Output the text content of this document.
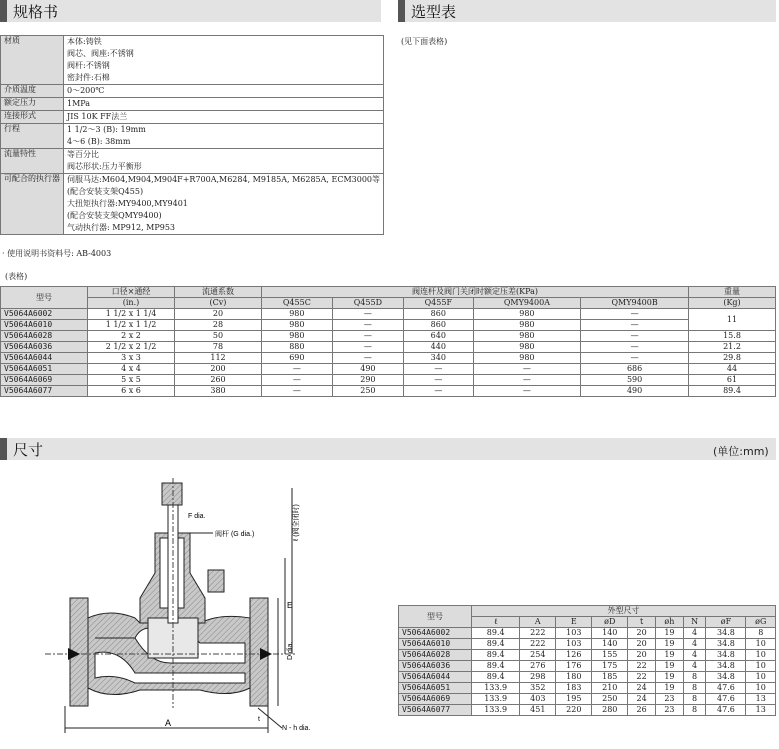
规格书	选型表
(见下面表格)
材质	本体:铸铁
阀芯、阀座:不锈钢
阀杆:不锈钢
密封件:石棉

介质温度	0～200℃

额定压力	1MPa

连接形式	JIS 10K FF法兰

行程	1 1/2～3 (B): 19mm
4～6 (B): 38mm

流量特性	等百分比
阀芯形状:压力平衡形

可配合的执行器	伺服马达:M604,M904,M904F+R700A,M6284, M9185A, M6285A, ECM3000等
(配合安装支架Q455)
大扭矩执行器:MY9400,MY9401
(配合安装支架QMY9400)
气动执行器: MP912, MP953
· 使用说明书资料号: AB-4003
(表格)
型号	口径×通经	流通系数	阀连杆及阀门关闭时额定压差(KPa)					重量
	(in.)	(Cv)	Q455C	Q455D	Q455F	QMY9400A	QMY9400B	(Kg)
V5064A6002	1 1/2 x 1 1/4	20	980	—	860	980	—	11
V5064A6010	1 1/2 x 1 1/2	28	980	—	860	980	—	
V5064A6028	2 x 2	50	980	—	640	980	—	15.8
V5064A6036	2 1/2 x 2 1/2	78	880	—	440	980	—	21.2
V5064A6044	3 x 3	112	690	—	340	980	—	29.8
V5064A6051	4 x 4	200	—	490	—	—	686	44
V5064A6069	5 x 5	260	—	290	—	—	590	61
V5064A6077	6 x 6	380	—	250	—	—	490	89.4
尺寸	(单位:mm)
A
ℓ (阀全闭时)
E
D dia.
F dia.
阀杆 (G dia.)
t
N - h dia.
型号	外型尺寸								
	ℓ	A	E	øD	t	øh	N	øF	øG
V5064A6002	89.4	222	103	140	20	19	4	34.8	8
V5064A6010	89.4	222	103	140	20	19	4	34.8	10
V5064A6028	89.4	254	126	155	20	19	4	34.8	10
V5064A6036	89.4	276	176	175	22	19	4	34.8	10
V5064A6044	89.4	298	180	185	22	19	8	34.8	10
V5064A6051	133.9	352	183	210	24	19	8	47.6	10
V5064A6069	133.9	403	195	250	24	23	8	47.6	13
V5064A6077	133.9	451	220	280	26	23	8	47.6	13
